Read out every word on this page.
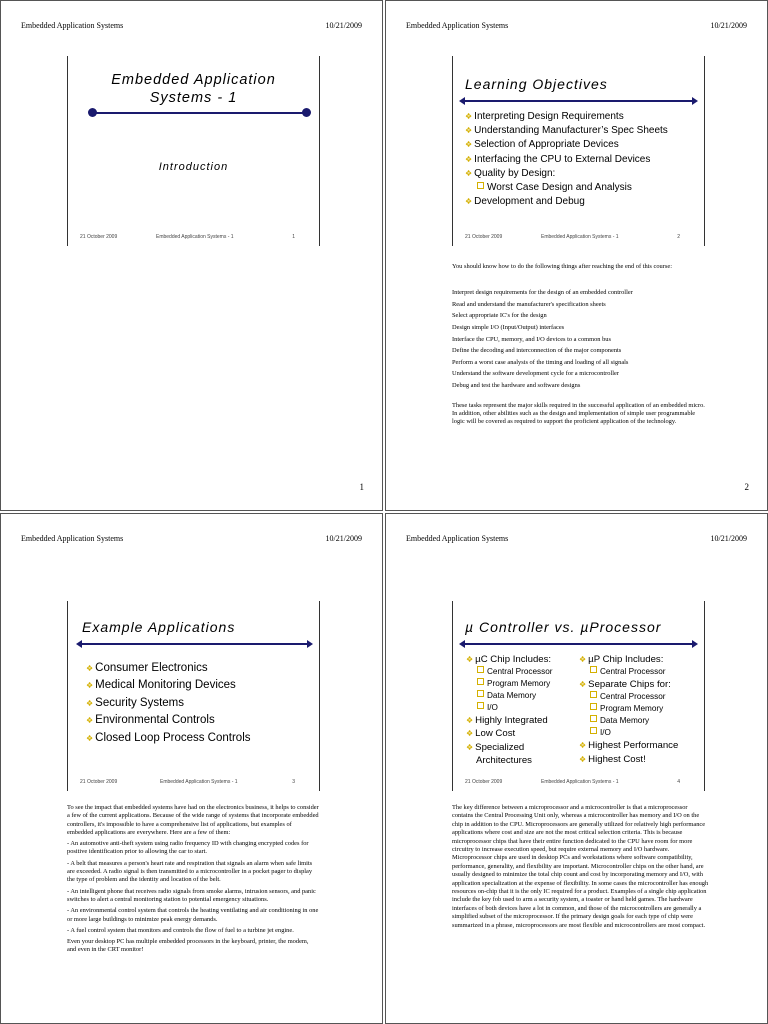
Embedded Application Systems	10/21/2009
Embedded Application
Systems - 1
Introduction
21 October 2009	Embedded Application Systems - 1	1
1
Embedded Application Systems	10/21/2009
Learning Objectives
❖ Interpreting Design Requirements
❖ Understanding Manufacturer’s Spec Sheets
❖ Selection of Appropriate Devices
❖ Interfacing the CPU to External Devices
❖ Quality by Design:
Worst Case Design and Analysis
❖ Development and Debug
21 October 2009	Embedded Application Systems - 1	2

You should know how to do the following things after reaching the end of this course:

Interpret design requirements for the design of an embedded controller
Read and understand the manufacturer's specification sheets
Select appropriate IC's for the design
Design simple I/O (Input/Output) interfaces
Interface the CPU, memory, and I/O devices to a common bus
Define the decoding and interconnection of the major components
Perform a worst case analysis of the timing and loading of all signals
Understand the software development cycle for a microcontroller
Debug and test the hardware and software designs

These tasks represent the major skills required in the successful application of an embedded micro. In addition, other abilities such as the design and implementation of simple user programmable logic will be covered as required to support the proficient application of the technology.

2
Embedded Application Systems	10/21/2009
Example Applications
❖ Consumer Electronics
❖ Medical Monitoring Devices
❖ Security Systems
❖ Environmental Controls
❖ Closed Loop Process Controls
21 October 2009	Embedded Application Systems - 1	3

To see the impact that embedded systems have had on the electronics business, it helps to consider a few of the current applications. Because of the wide range of systems that incorporate embedded controllers, it's impossible to have a comprehensive list of applications, but examples of embedded applications are everywhere. Here are a few of them:

- An automotive anti-theft system using radio frequency ID with changing encrypted codes for positive identification prior to allowing the car to start.

- A belt that measures a person's heart rate and respiration that signals an alarm when safe limits are exceeded. A radio signal is then transmitted to a microcontroller in a pocket pager to display the type of problem and the identity and location of the belt.

- An intelligent phone that receives radio signals from smoke alarms, intrusion sensors, and panic switches to alert a central monitoring station to potential emergency situations.

- An environmental control system that controls the heating ventilating and air conditioning in one or more large buildings to minimize peak energy demands.

- A fuel control system that monitors and controls the flow of fuel to a turbine jet engine.

Even your desktop PC has multiple embedded processors in the keyboard, printer, the modem, and even in the CRT monitor!

Embedded Application Systems	10/21/2009
µ Controller vs. µProcessor
❖ µC Chip Includes:
Central Processor
Program Memory
Data Memory
I/O
❖ Highly Integrated
❖ Low Cost
❖ Specialized
Architectures
❖ µP Chip Includes:
Central Processor
❖ Separate Chips for:
Central Processor
Program Memory
Data Memory
I/O
❖ Highest Performance
❖ Highest Cost!
21 October 2009	Embedded Application Systems - 1	4

The key difference between a microprocessor and a microcontroller is that a microprocessor contains the Central Processing Unit only, whereas a microcontroller has memory and I/O on the chip in addition to the CPU. Microprocessors are generally utilized for relatively high performance applications where cost and size are not the most critical selection criteria. This is because microprocessor chips that have their entire function dedicated to the CPU have room for more circuitry to increase execution speed, but require external memory and I/O hardware. Microprocessor chips are used in desktop PCs and workstations where software compatibility, performance, generality, and flexibility are important. Microcontroller chips on the other hand, are usually designed to minimize the total chip count and cost by incorporating memory and I/O, with application specialization at the expense of flexibility. In some cases the microcontroller has enough resources on-chip that it is the only IC required for a product. Examples of a single chip application include the key fob used to arm a security system, a toaster or hand held games. The hardware interfaces of both devices have a lot in common, and those of the microcontrollers are generally a simplified subset of the microprocessor. If the primary design goals for each type of chip were summarized in a phrase, microprocessors are most flexible and microcontrollers are most compact.
